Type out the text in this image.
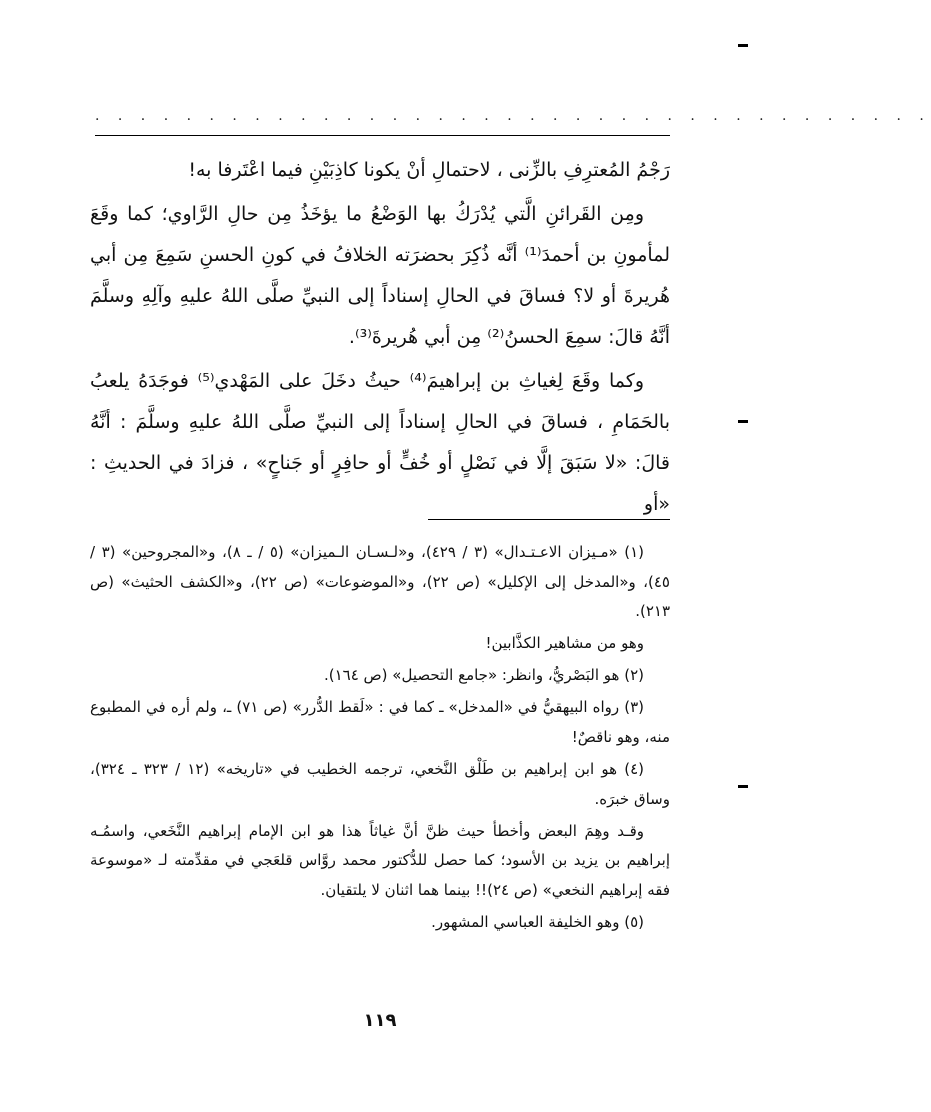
· · · · · · · · · · · · · · · · · · · · · · · · · · · · · · · · · · · · ·

رَجْمُ المُعترِفِ بالزِّنى ، لاحتمالِ أنْ يكونا كاذِبَيْنِ فيما اعْتَرفا به!

ومِن القَرائنِ الَّتي يُدْرَكُ بها الوَضْعُ ما يؤخَذُ مِن حالِ الرَّاوي؛ كما وقَعَ لمأمونِ بن أحمدَ⁽¹⁾ أنَّه ذُكِرَ بحضرَته الخلافُ في كونِ الحسنِ سَمِعَ مِن أبي هُريرةَ أو لا؟ فساقَ في الحالِ إسناداً إلى النبيِّ صلَّى اللهُ عليهِ وآلِهِ وسلَّمَ أنَّهُ قالَ: سمِعَ الحسنُ⁽²⁾ مِن أبي هُريرةَ⁽³⁾.

وكما وقَعَ لِغياثِ بن إبراهيمَ⁽⁴⁾ حيثُ دخَلَ على المَهْدي⁽⁵⁾ فوجَدَهُ يلعبُ بالحَمَامِ ، فساقَ في الحالِ إسناداً إلى النبيِّ صلَّى اللهُ عليهِ وسلَّمَ : أنَّهُ قالَ: «لا سَبَقَ إلَّا في نَصْلٍ أو خُفٍّ أو حافِرٍ أو جَناحٍ» ، فزادَ في الحديثِ : «أو

(١) «مـيزان الاعـتـدال» (٣ / ٤٢٩)، و«لـسـان الـميزان» (٥ / ـ ٨)، و«المجروحين» (٣ / ٤٥)، و«المدخل إلى الإكليل» (ص ٢٢)، و«الموضوعات» (ص ٢٢)، و«الكشف الحثيث» (ص ٢١٣).

وهو من مشاهير الكذَّابين!

(٢) هو البَصْريُّ، وانظر: «جامع التحصيل» (ص ١٦٤).

(٣) رواه البيهقيُّ في «المدخل» ـ كما في : «لَقط الدُّرر» (ص ٧١) ـ، ولم أره في المطبوع منه، وهو ناقصٌ!

(٤) هو ابن إبراهيم بن طَلْق النَّخعي، ترجمه الخطيب في «تاريخه» (١٢ / ٣٢٣ ـ ٣٢٤)، وساق خبرَه.

وقـد وهِمَ البعض وأخطأ حيث ظنَّ أنَّ غياثاً هذا هو ابن الإمام إبراهيم النَّخَعي، واسمُـه إبراهيم بن يزيد بن الأسود؛ كما حصل للدُّكتور محمد روَّاس قلعَجي في مقدِّمته لـ «موسوعة فقه إبراهيم النخعي» (ص ٢٤)!! بينما هما اثنان لا يلتقيان.

(٥) وهو الخليفة العباسي المشهور.

١١٩
